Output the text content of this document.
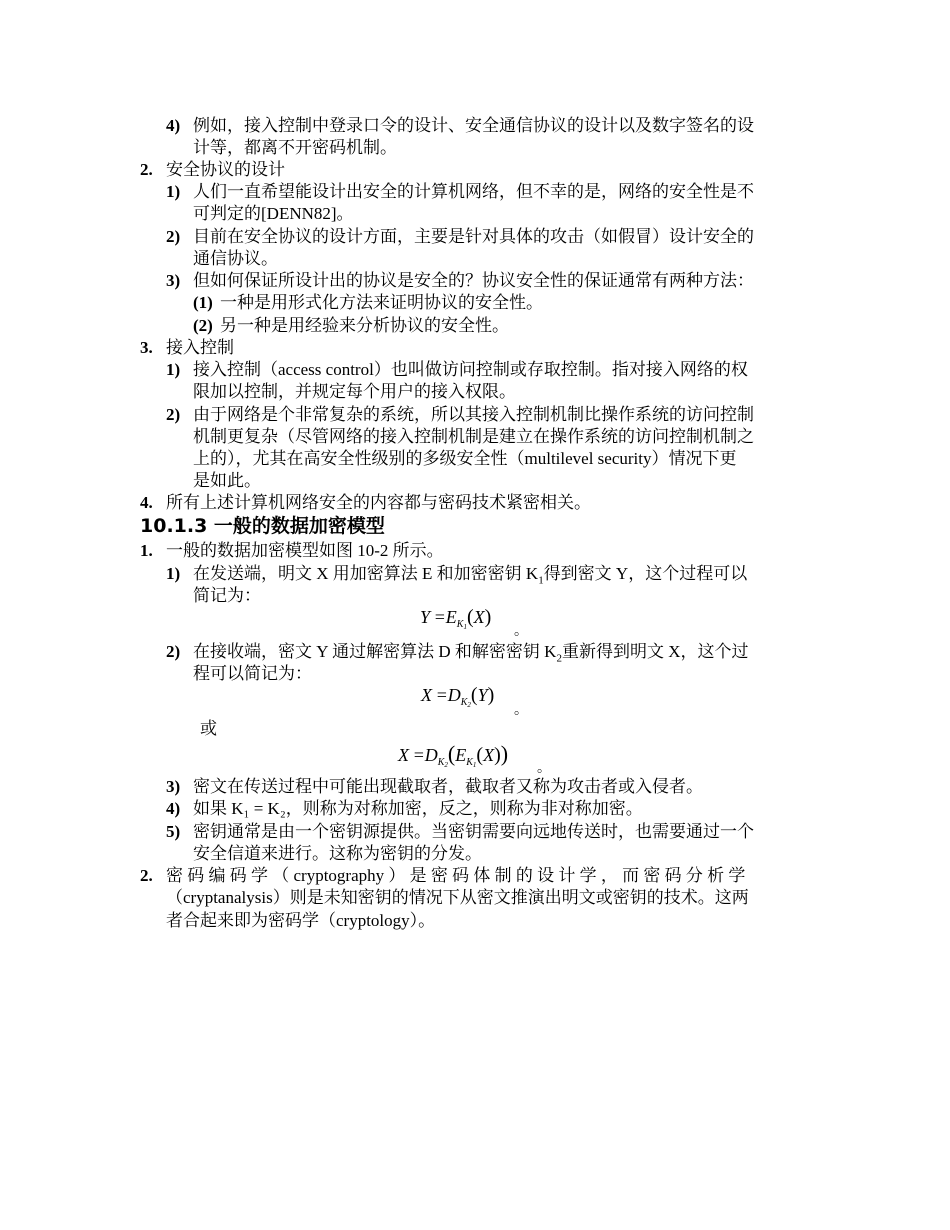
4) 例如，接入控制中登录口令的设计、安全通信协议的设计以及数字签名的设
计等，都离不开密码机制。
2. 安全协议的设计
1) 人们一直希望能设计出安全的计算机网络，但不幸的是，网络的安全性是不
可判定的[DENN82]。
2) 目前在安全协议的设计方面，主要是针对具体的攻击（如假冒）设计安全的
通信协议。
3) 但如何保证所设计出的协议是安全的？协议安全性的保证通常有两种方法：
(1) 一种是用形式化方法来证明协议的安全性。
(2) 另一种是用经验来分析协议的安全性。
3. 接入控制
1) 接入控制（access control）也叫做访问控制或存取控制。指对接入网络的权
限加以控制，并规定每个用户的接入权限。
2) 由于网络是个非常复杂的系统，所以其接入控制机制比操作系统的访问控制
机制更复杂（尽管网络的接入控制机制是建立在操作系统的访问控制机制之
上的），尤其在高安全性级别的多级安全性（multilevel security）情况下更
是如此。
4. 所有上述计算机网络安全的内容都与密码技术紧密相关。
10.1.3 一般的数据加密模型
1. 一般的数据加密模型如图 10-2 所示。
1) 在发送端，明文 X 用加密算法 E 和加密密钥 $K_1$得到密文 Y，这个过程可以
简记为：
$Y =E_{K_1}(X)$
。
2) 在接收端，密文 Y 通过解密算法 D 和解密密钥 $K_2$重新得到明文 X，这个过
程可以简记为：
$X =D_{K_2}(Y)$
。
或
$X =D_{K_2}(E_{K_1}(X))$
。
3) 密文在传送过程中可能出现截取者，截取者又称为攻击者或入侵者。
4) 如果 K₁ = K₂，则称为对称加密，反之，则称为非对称加密。
5) 密钥通常是由一个密钥源提供。当密钥需要向远地传送时，也需要通过一个
安全信道来进行。这称为密钥的分发。
2. 密 码 编 码 学 （ cryptography ） 是 密 码 体 制 的 设 计 学 ， 而 密 码 分 析 学
（cryptanalysis）则是未知密钥的情况下从密文推演出明文或密钥的技术。这两
者合起来即为密码学（cryptology）。
